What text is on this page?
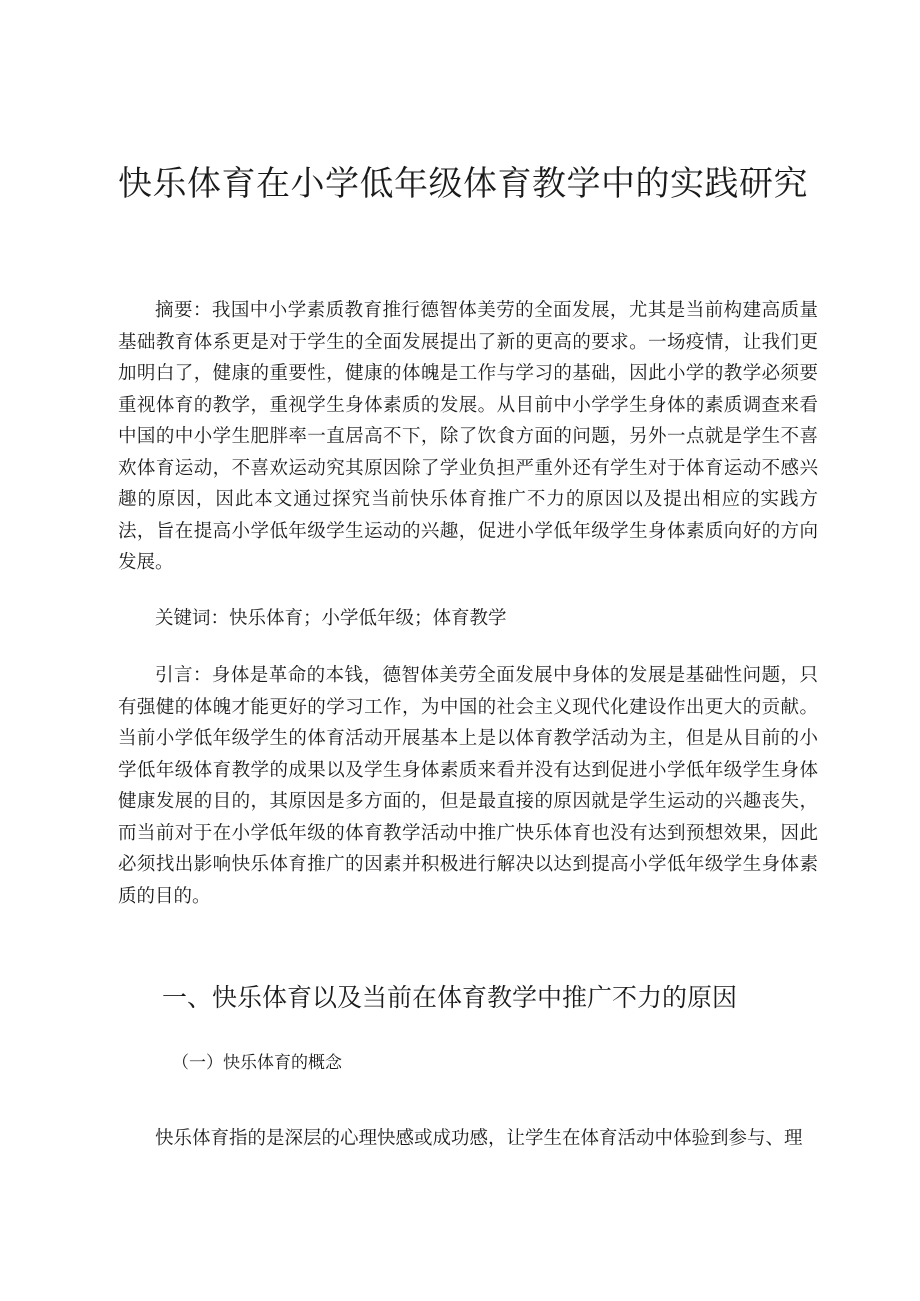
快乐体育在小学低年级体育教学中的实践研究

摘要：我国中小学素质教育推行德智体美劳的全面发展，尤其是当前构建高质量基础教育体系更是对于学生的全面发展提出了新的更高的要求。一场疫情，让我们更加明白了，健康的重要性，健康的体魄是工作与学习的基础，因此小学的教学必须要重视体育的教学，重视学生身体素质的发展。从目前中小学学生身体的素质调查来看中国的中小学生肥胖率一直居高不下，除了饮食方面的问题，另外一点就是学生不喜欢体育运动，不喜欢运动究其原因除了学业负担严重外还有学生对于体育运动不感兴趣的原因，因此本文通过探究当前快乐体育推广不力的原因以及提出相应的实践方法，旨在提高小学低年级学生运动的兴趣，促进小学低年级学生身体素质向好的方向发展。

关键词：快乐体育；小学低年级；体育教学

引言：身体是革命的本钱，德智体美劳全面发展中身体的发展是基础性问题，只有强健的体魄才能更好的学习工作，为中国的社会主义现代化建设作出更大的贡献。当前小学低年级学生的体育活动开展基本上是以体育教学活动为主，但是从目前的小学低年级体育教学的成果以及学生身体素质来看并没有达到促进小学低年级学生身体健康发展的目的，其原因是多方面的，但是最直接的原因就是学生运动的兴趣丧失，而当前对于在小学低年级的体育教学活动中推广快乐体育也没有达到预想效果，因此必须找出影响快乐体育推广的因素并积极进行解决以达到提高小学低年级学生身体素质的目的。

一、快乐体育以及当前在体育教学中推广不力的原因
（一）快乐体育的概念

快乐体育指的是深层的心理快感或成功感，让学生在体育活动中体验到参与、理
